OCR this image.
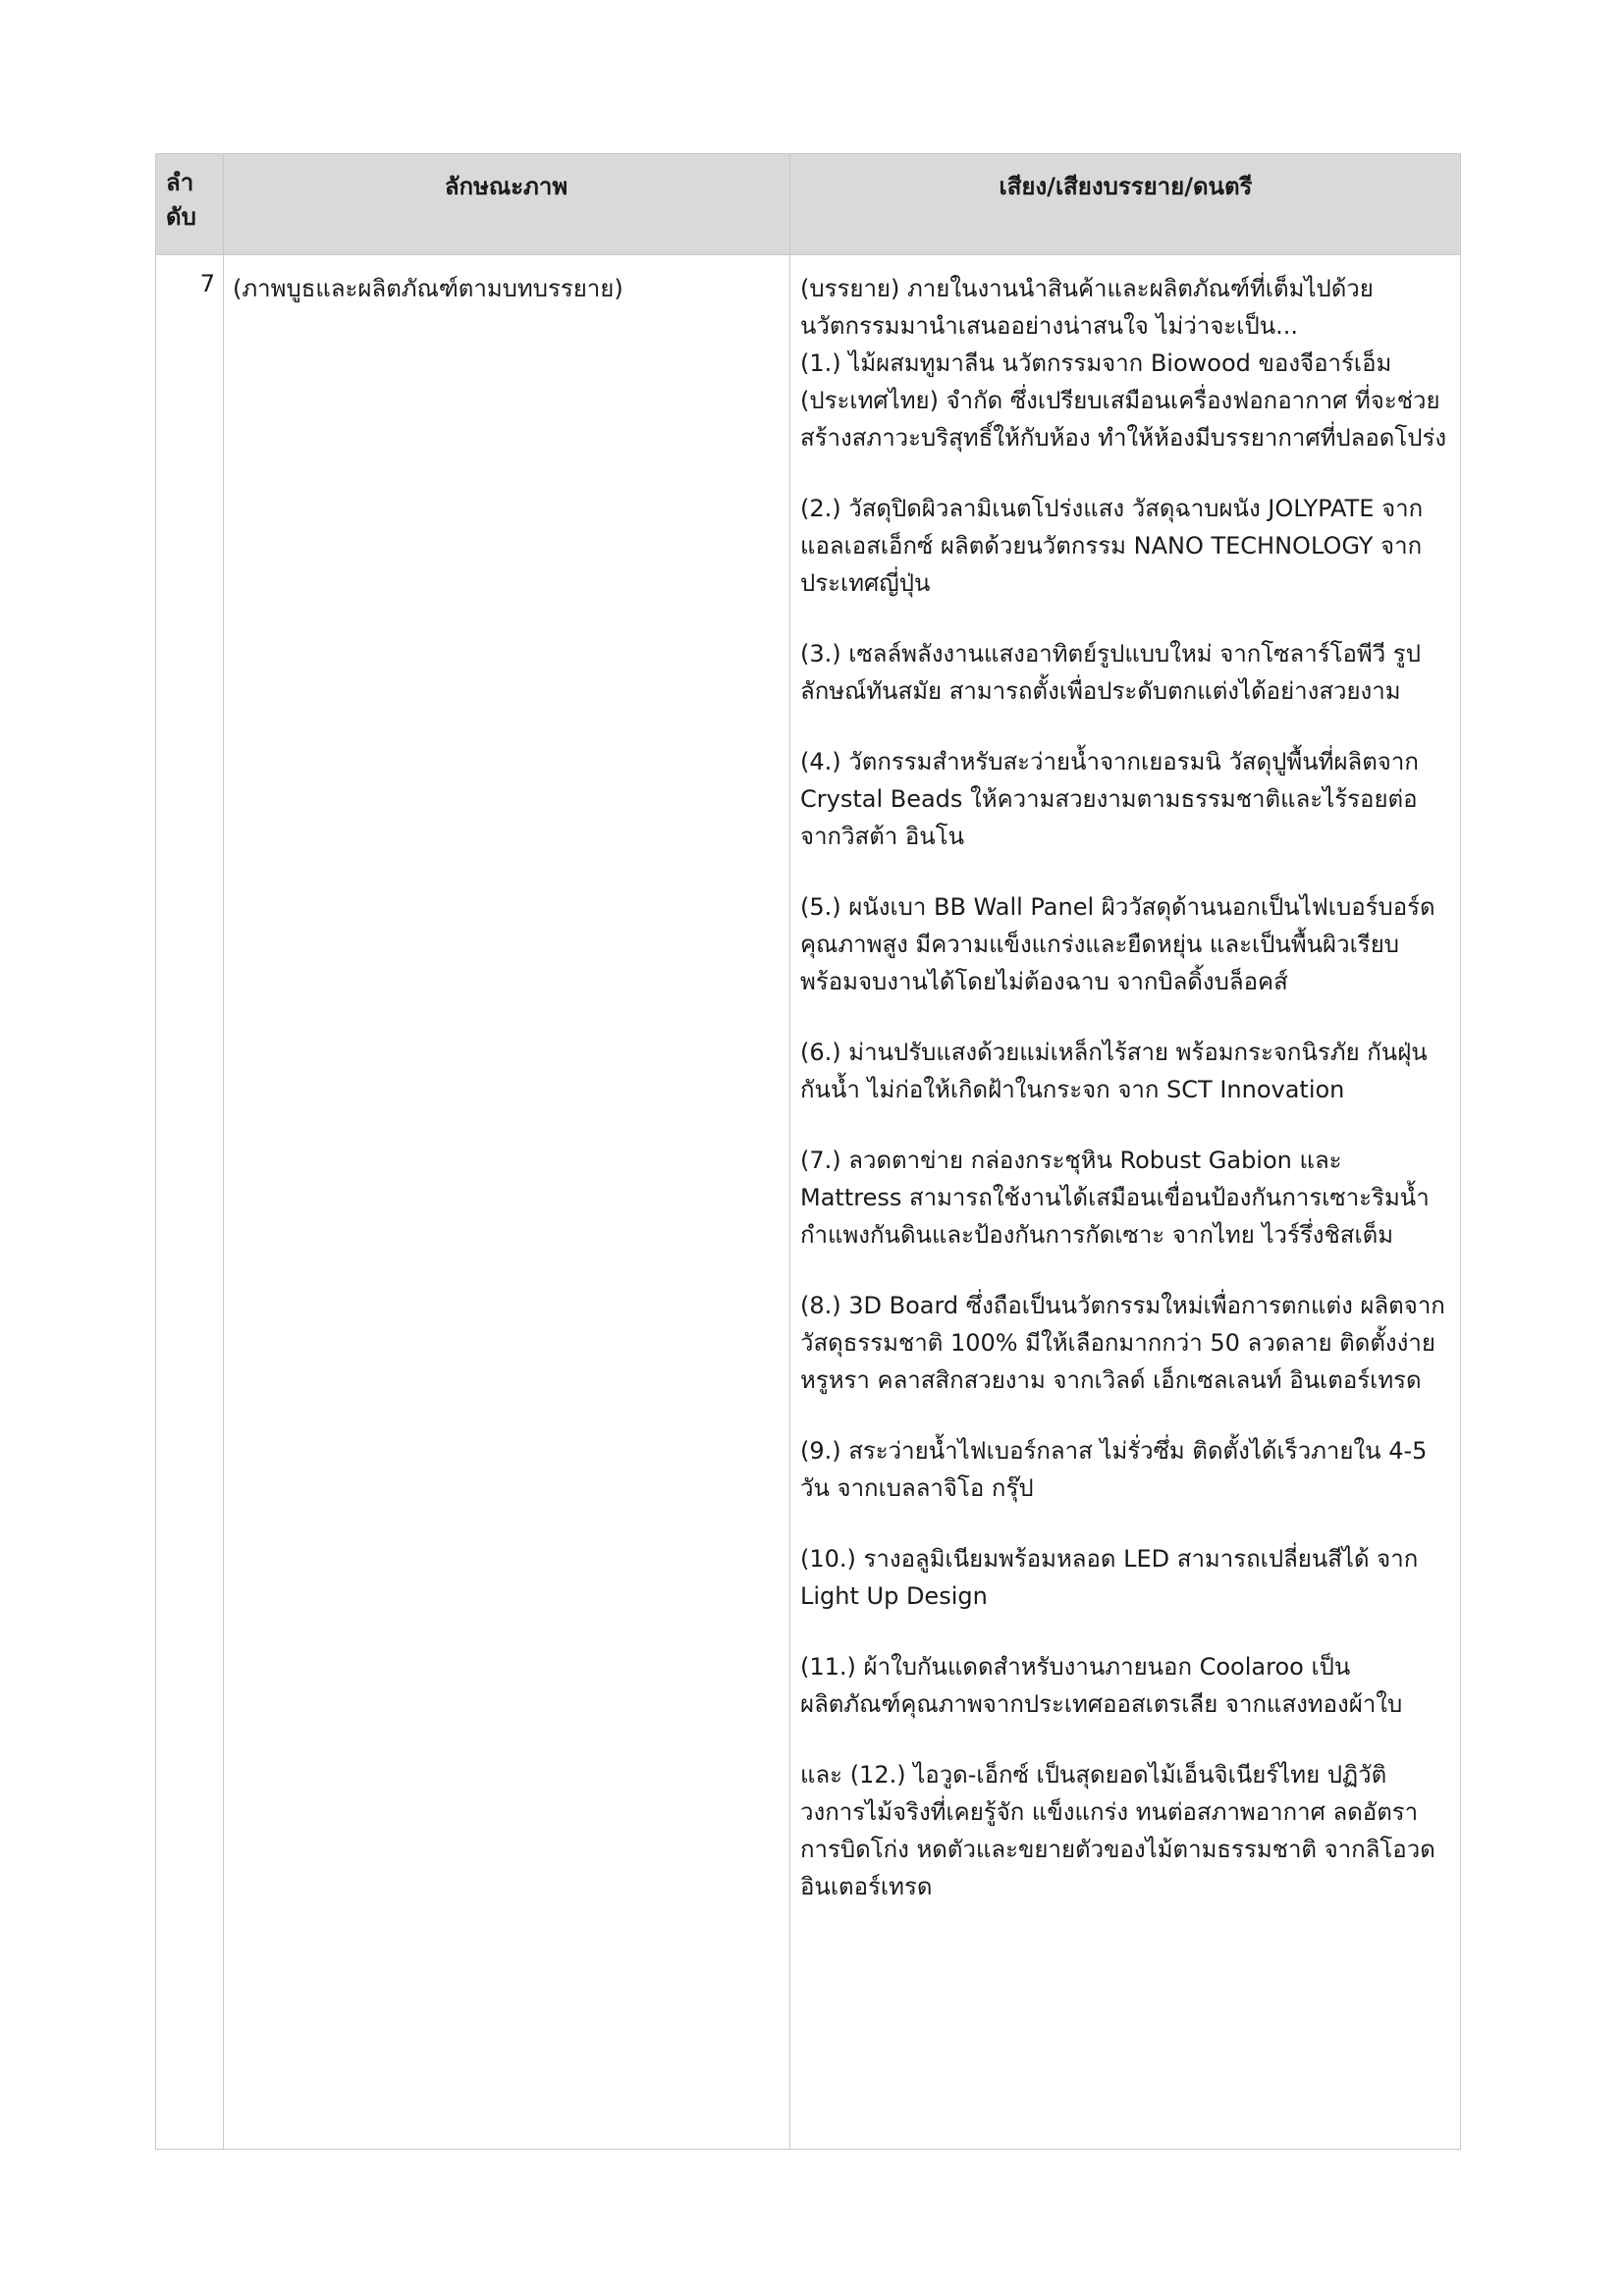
ลำ
ดับ
ลักษณะภาพ	เสียง/เสียงบรรยาย/ดนตรี
7 (ภาพบูธและผลิตภัณฑ์ตามบทบรรยาย)	(บรรยาย) ภายในงานนำสินค้าและผลิตภัณฑ์ที่เต็มไปด้วยนวัตกรรมมานำเสนออย่างน่าสนใจ ไม่ว่าจะเป็น...
(1.) ไม้ผสมทูมาลีน นวัตกรรมจาก Biowood ของจีอาร์เอ็ม (ประเทศไทย) จำกัด ซึ่งเปรียบเสมือนเครื่องฟอกอากาศ ที่จะช่วยสร้างสภาวะบริสุทธิ์ให้กับห้อง ทำให้ห้องมีบรรยากาศที่ปลอดโปร่ง

(2.) วัสดุปิดผิวลามิเนตโปร่งแสง วัสดุฉาบผนัง JOLYPATE จากแอลเอสเอ็กซ์ ผลิตด้วยนวัตกรรม NANO TECHNOLOGY จากประเทศญี่ปุ่น

(3.) เซลล์พลังงานแสงอาทิตย์รูปแบบใหม่ จากโซลาร์โอพีวี รูปลักษณ์ทันสมัย สามารถตั้งเพื่อประดับตกแต่งได้อย่างสวยงาม

(4.) วัตกรรมสำหรับสะว่ายน้ำจากเยอรมนิ วัสดุปูพื้นที่ผลิตจาก Crystal Beads ให้ความสวยงามตามธรรมชาติและไร้รอยต่อ จากวิสต้า อินโน

(5.) ผนังเบา BB Wall Panel ผิววัสดุด้านนอกเป็นไฟเบอร์บอร์ดคุณภาพสูง มีความแข็งแกร่งและยืดหยุ่น และเป็นพื้นผิวเรียบ พร้อมจบงานได้โดยไม่ต้องฉาบ จากบิลดิ้งบล็อคส์

(6.) ม่านปรับแสงด้วยแม่เหล็กไร้สาย พร้อมกระจกนิรภัย กันฝุ่น กันน้ำ ไม่ก่อให้เกิดฝ้าในกระจก จาก SCT Innovation

(7.) ลวดตาข่าย กล่องกระชุหิน Robust Gabion และ Mattress สามารถใช้งานได้เสมือนเขื่อนป้องกันการเซาะริมน้ำ กำแพงกันดินและป้องกันการกัดเซาะ จากไทย ไวร์รึ่งชิสเต็ม

(8.) 3D Board ซึ่งถือเป็นนวัตกรรมใหม่เพื่อการตกแต่ง ผลิตจากวัสดุธรรมชาติ 100% มีให้เลือกมากกว่า 50 ลวดลาย ติดตั้งง่าย หรูหรา คลาสสิกสวยงาม จากเวิลด์ เอ็กเซลเลนท์ อินเตอร์เทรด

(9.) สระว่ายน้ำไฟเบอร์กลาส ไม่รั่วซึ่ม ติดตั้งได้เร็วภายใน 4-5 วัน จากเบลลาจิโอ กรุ๊ป

(10.) รางอลูมิเนียมพร้อมหลอด LED สามารถเปลี่ยนสีได้ จาก Light Up Design

(11.) ผ้าใบกันแดดสำหรับงานภายนอก Coolaroo เป็นผลิตภัณฑ์คุณภาพจากประเทศออสเตรเลีย จากแสงทองผ้าใบ

และ (12.) ไอวูด-เอ็กซ์ เป็นสุดยอดไม้เอ็นจิเนียร์ไทย ปฏิวัติวงการไม้จริงที่เคยรู้จัก แข็งแกร่ง ทนต่อสภาพอากาศ ลดอัตราการบิดโก่ง หดตัวและขยายตัวของไม้ตามธรรมชาติ จากลิโอวด อินเตอร์เทรด
